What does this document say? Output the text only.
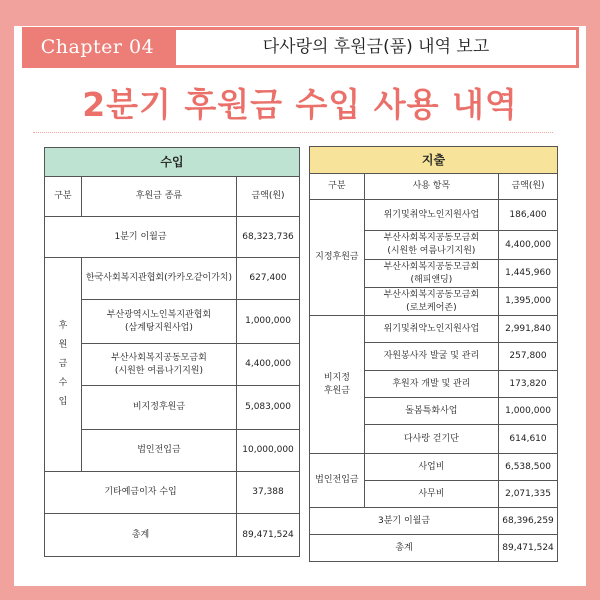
Chapter 04	다사랑의 후원금(품) 내역 보고
2분기 후원금 수입 사용 내역
수입		
구분	후원금 종류	금액(원)
1분기 이월금		68,323,736
후
원
금
수
입	한국사회복지관협회(카카오같이가치)	627,400
	부산광역시노인복지관협회
(삼계탕지원사업)	1,000,000
	부산사회복지공동모금회
(시원한 여름나기지원)	4,400,000
	비지정후원금	5,083,000
	법인전입금	10,000,000
기타예금이자 수입		37,388
총계		89,471,524
지출		
구분	사용 항목	금액(원)
지정후원금	위기및취약노인지원사업	186,400
	부산사회복지공동모금회
(시원한 여름나기지원)	4,400,000
	부산사회복지공동모금회
(해피앤딩)	1,445,960
	부산사회복지공동모금회
(로보케어존)	1,395,000
비지정
후원금	위기및취약노인지원사업	2,991,840
	자원봉사자 발굴 및 관리	257,800
	후원자 개발 및 관리	173,820
	돌봄특화사업	1,000,000
	다사랑 걷기단	614,610
법인전입금	사업비	6,538,500
	사무비	2,071,335
3분기 이월금		68,396,259
총계		89,471,524
